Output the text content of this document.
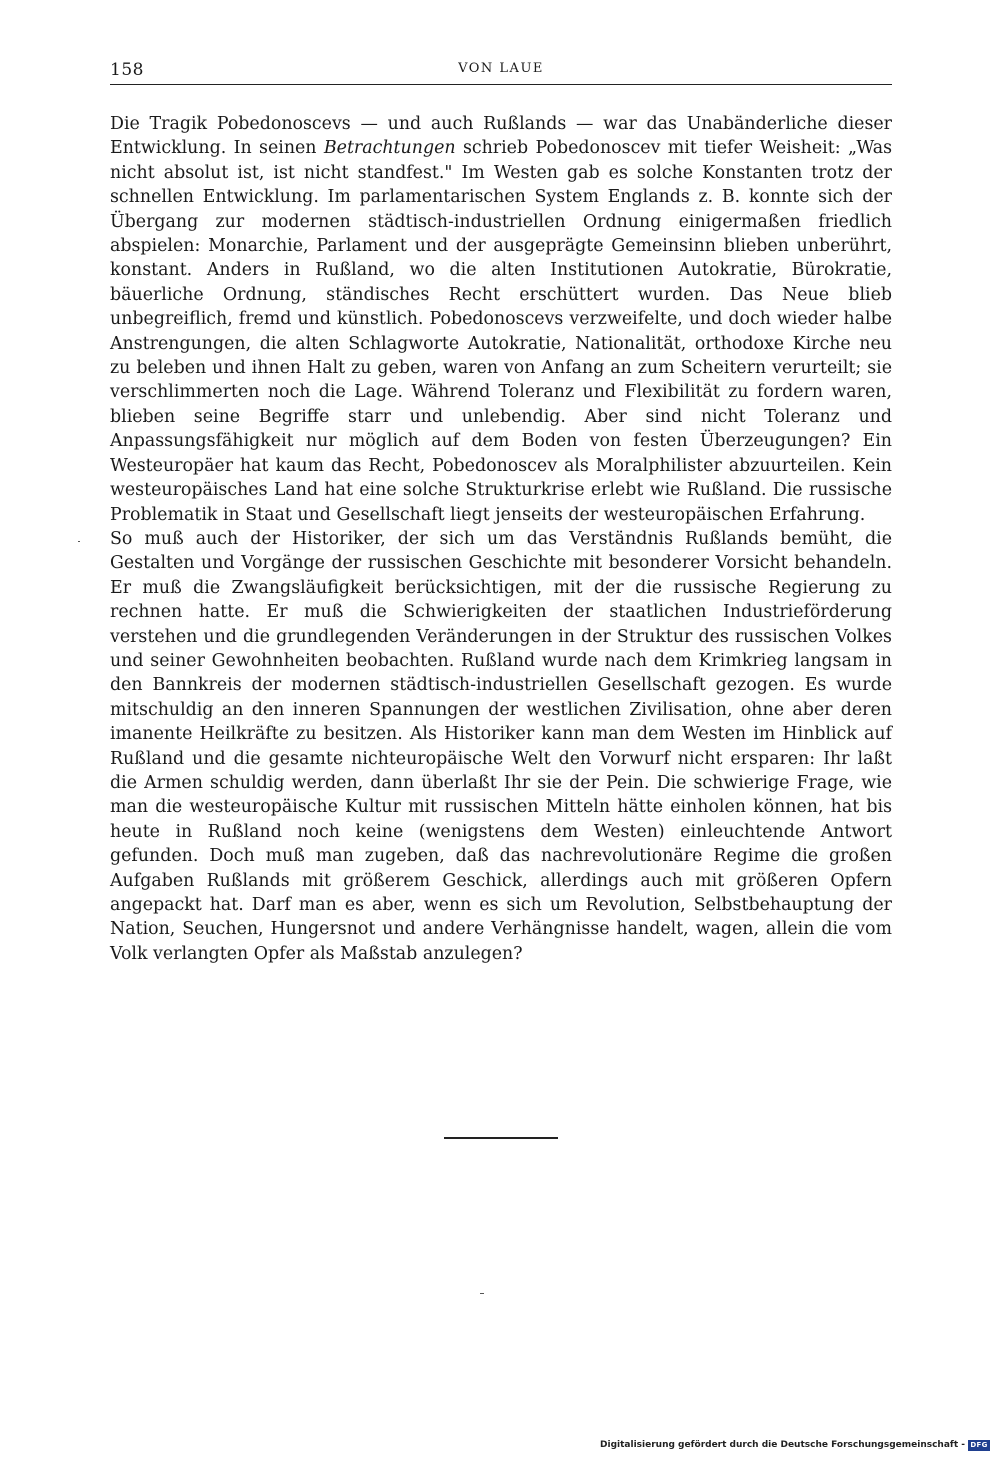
158	VON LAUE

Die Tragik Pobedonoscevs — und auch Rußlands — war das Unabänderliche dieser Entwicklung. In seinen Betrachtungen schrieb Pobedonoscev mit tiefer Weisheit: „Was nicht absolut ist, ist nicht standfest." Im Westen gab es solche Konstanten trotz der schnellen Entwicklung. Im parlamentarischen System Englands z. B. konnte sich der Übergang zur modernen städtisch-industriellen Ordnung einigermaßen friedlich abspielen: Monarchie, Parlament und der ausgeprägte Gemeinsinn blieben unberührt, konstant. Anders in Rußland, wo die alten Institutionen Autokratie, Bürokratie, bäuerliche Ordnung, ständisches Recht erschüttert wurden. Das Neue blieb unbegreiflich, fremd und künstlich. Pobedonoscevs verzweifelte, und doch wieder halbe Anstrengungen, die alten Schlagworte Autokratie, Nationalität, orthodoxe Kirche neu zu beleben und ihnen Halt zu geben, waren von Anfang an zum Scheitern verurteilt; sie verschlimmerten noch die Lage. Während Toleranz und Flexibilität zu fordern waren, blieben seine Begriffe starr und unlebendig. Aber sind nicht Toleranz und Anpassungsfähigkeit nur möglich auf dem Boden von festen Überzeugungen? Ein Westeuropäer hat kaum das Recht, Pobedonoscev als Moralphilister abzuurteilen. Kein westeuropäisches Land hat eine solche Strukturkrise erlebt wie Rußland. Die russische Problematik in Staat und Gesellschaft liegt jenseits der westeuropäischen Erfahrung.

So muß auch der Historiker, der sich um das Verständnis Rußlands bemüht, die Gestalten und Vorgänge der russischen Geschichte mit besonderer Vorsicht behandeln. Er muß die Zwangsläufigkeit berücksichtigen, mit der die russische Regierung zu rechnen hatte. Er muß die Schwierigkeiten der staatlichen Industrieförderung verstehen und die grundlegenden Veränderungen in der Struktur des russischen Volkes und seiner Gewohnheiten beobachten. Rußland wurde nach dem Krimkrieg langsam in den Bannkreis der modernen städtisch-industriellen Gesellschaft gezogen. Es wurde mitschuldig an den inneren Spannungen der westlichen Zivilisation, ohne aber deren imanente Heilkräfte zu besitzen. Als Historiker kann man dem Westen im Hinblick auf Rußland und die gesamte nichteuropäische Welt den Vorwurf nicht ersparen: Ihr laßt die Armen schuldig werden, dann überlaßt Ihr sie der Pein. Die schwierige Frage, wie man die westeuropäische Kultur mit russischen Mitteln hätte einholen können, hat bis heute in Rußland noch keine (wenigstens dem Westen) einleuchtende Antwort gefunden. Doch muß man zugeben, daß das nachrevolutionäre Regime die großen Aufgaben Rußlands mit größerem Geschick, allerdings auch mit größeren Opfern angepackt hat. Darf man es aber, wenn es sich um Revolution, Selbstbehauptung der Nation, Seuchen, Hungersnot und andere Verhängnisse handelt, wagen, allein die vom Volk verlangten Opfer als Maßstab anzulegen?

Digitalisierung gefördert durch die Deutsche Forschungsgemeinschaft - DFG
